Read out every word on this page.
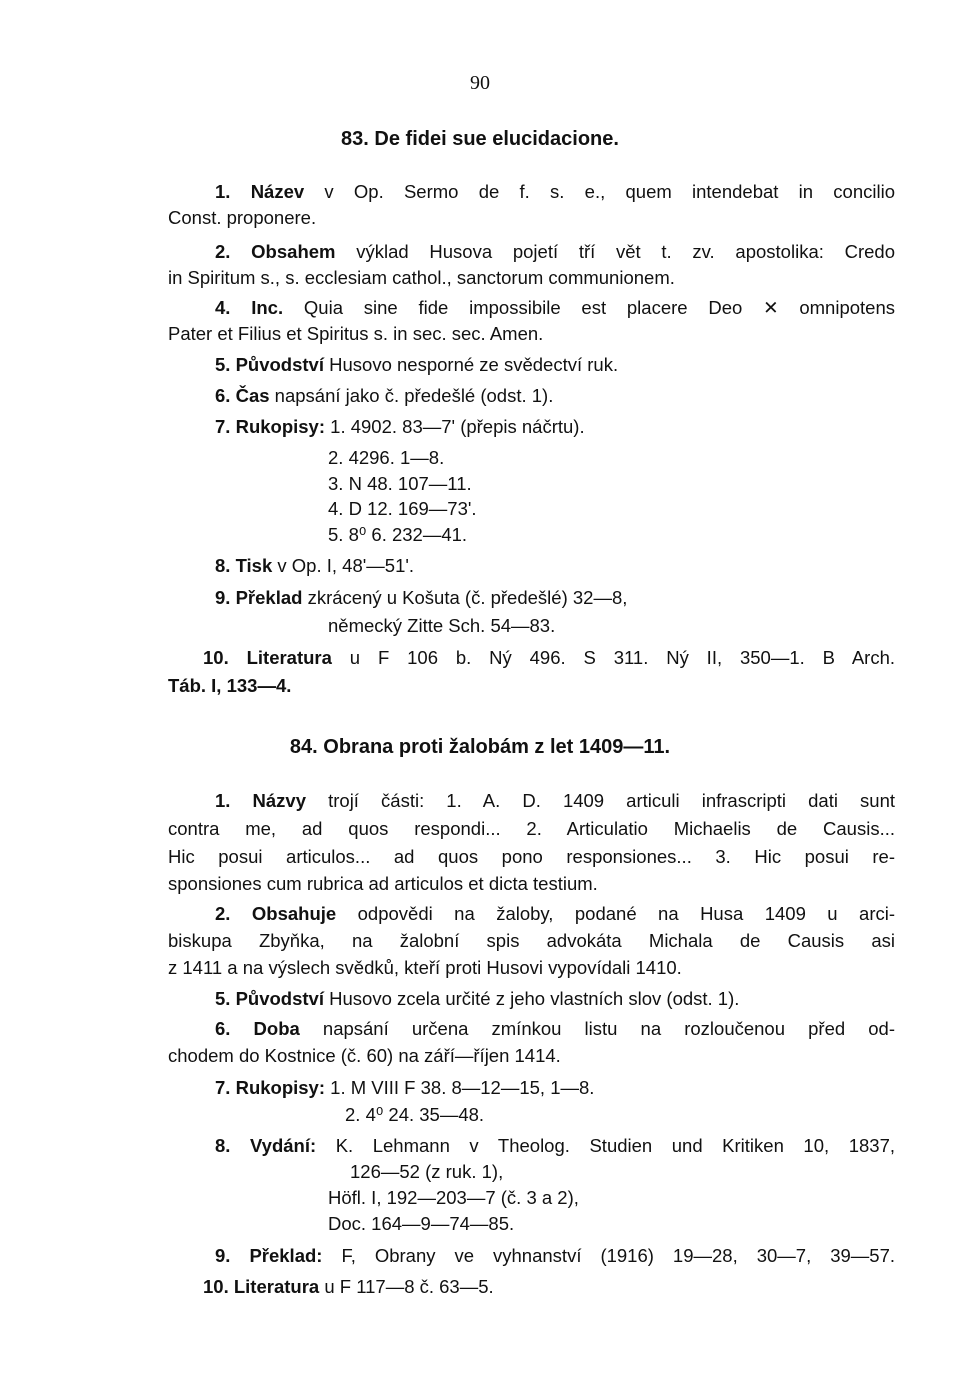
90
83. De fidei sue elucidacione.
1. Název v Op. Sermo de f. s. e., quem intendebat in concilio
Const. proponere.
2. Obsahem výklad Husova pojetí tří vět t. zv. apostolika: Credo
in Spiritum s., s. ecclesiam cathol., sanctorum communionem.
4. Inc. Quia sine fide impossibile est placere Deo ✕ omnipotens
Pater et Filius et Spiritus s. in sec. sec. Amen.
5. Původství Husovo nesporné ze svědectví ruk.
6. Čas napsání jako č. předešlé (odst. 1).
7. Rukopisy: 1. 4902. 83—7' (přepis náčrtu).
2. 4296. 1—8.
3. N 48. 107—11.
4. D 12. 169—73'.
5. 8⁰ 6. 232—41.
8. Tisk v Op. I, 48'—51'.
9. Překlad zkrácený u Košuta (č. předešlé) 32—8,
německý Zitte Sch. 54—83.
10. Literatura u F 106 b. Ný 496. S 311. Ný II, 350—1. B Arch.
Táb. I, 133—4.
84. Obrana proti žalobám z let 1409—11.
1. Názvy trojí části: 1. A. D. 1409 articuli infrascripti dati sunt
contra me, ad quos respondi... 2. Articulatio Michaelis de Causis...
Hic posui articulos... ad quos pono responsiones... 3. Hic posui re-
sponsiones cum rubrica ad articulos et dicta testium.
2. Obsahuje odpovědi na žaloby, podané na Husa 1409 u arci-
biskupa Zbyňka, na žalobní spis advokáta Michala de Causis asi
z 1411 a na výslech svědků, kteří proti Husovi vypovídali 1410.
5. Původství Husovo zcela určité z jeho vlastních slov (odst. 1).
6. Doba napsání určena zmínkou listu na rozloučenou před od-
chodem do Kostnice (č. 60) na září—říjen 1414.
7. Rukopisy: 1. M VIII F 38. 8—12—15, 1—8.
2. 4⁰ 24. 35—48.
8. Vydání: K. Lehmann v Theolog. Studien und Kritiken 10, 1837,
126—52 (z ruk. 1),
Höfl. I, 192—203—7 (č. 3 a 2),
Doc. 164—9—74—85.
9. Překlad: F, Obrany ve vyhnanství (1916) 19—28, 30—7, 39—57.
10. Literatura u F 117—8 č. 63—5.
